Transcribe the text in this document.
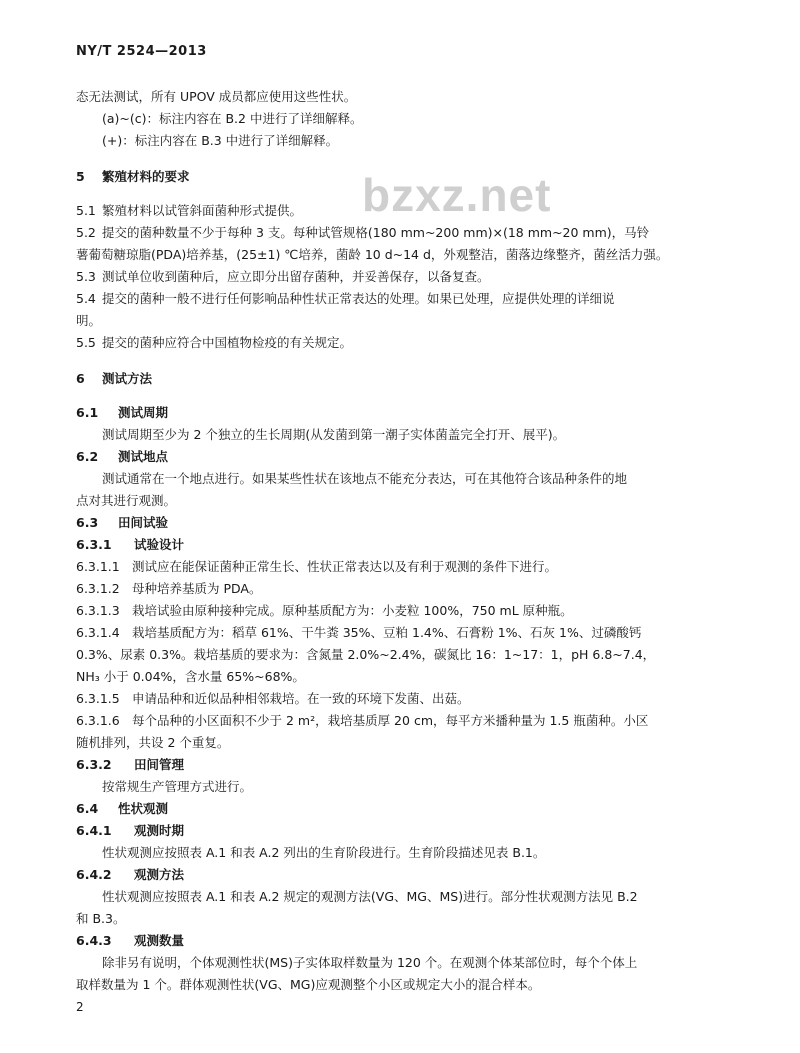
NY/T 2524—2013
bzxz.net

态无法测试，所有 UPOV 成员都应使用这些性状。

(a)~(c)：标注内容在 B.2 中进行了详细解释。

(+)：标注内容在 B.3 中进行了详细解释。

5 繁殖材料的要求

5.1 繁殖材料以试管斜面菌种形式提供。

5.2 提交的菌种数量不少于每种 3 支。每种试管规格(180 mm~200 mm)×(18 mm~20 mm)，马铃

薯葡萄糖琼脂(PDA)培养基，(25±1) ℃培养，菌龄 10 d~14 d，外观整洁，菌落边缘整齐，菌丝活力强。

5.3 测试单位收到菌种后，应立即分出留存菌种，并妥善保存，以备复查。

5.4 提交的菌种一般不进行任何影响品种性状正常表达的处理。如果已处理，应提供处理的详细说

明。

5.5 提交的菌种应符合中国植物检疫的有关规定。

6 测试方法

6.1 测试周期

测试周期至少为 2 个独立的生长周期(从发菌到第一潮子实体菌盖完全打开、展平)。

6.2 测试地点

测试通常在一个地点进行。如果某些性状在该地点不能充分表达，可在其他符合该品种条件的地

点对其进行观测。

6.3 田间试验

6.3.1 试验设计

6.3.1.1 测试应在能保证菌种正常生长、性状正常表达以及有利于观测的条件下进行。

6.3.1.2 母种培养基质为 PDA。

6.3.1.3 栽培试验由原种接种完成。原种基质配方为：小麦粒 100%，750 mL 原种瓶。

6.3.1.4 栽培基质配方为：稻草 61%、干牛粪 35%、豆粕 1.4%、石膏粉 1%、石灰 1%、过磷酸钙

0.3%、尿素 0.3%。栽培基质的要求为：含氮量 2.0%~2.4%，碳氮比 16：1~17：1，pH 6.8~7.4，

NH₃ 小于 0.04%，含水量 65%~68%。

6.3.1.5 申请品种和近似品种相邻栽培。在一致的环境下发菌、出菇。

6.3.1.6 每个品种的小区面积不少于 2 m²，栽培基质厚 20 cm，每平方米播种量为 1.5 瓶菌种。小区

随机排列，共设 2 个重复。

6.3.2 田间管理

按常规生产管理方式进行。

6.4 性状观测

6.4.1 观测时期

性状观测应按照表 A.1 和表 A.2 列出的生育阶段进行。生育阶段描述见表 B.1。

6.4.2 观测方法

性状观测应按照表 A.1 和表 A.2 规定的观测方法(VG、MG、MS)进行。部分性状观测方法见 B.2

和 B.3。

6.4.3 观测数量

除非另有说明，个体观测性状(MS)子实体取样数量为 120 个。在观测个体某部位时，每个个体上

取样数量为 1 个。群体观测性状(VG、MG)应观测整个小区或规定大小的混合样本。

2
